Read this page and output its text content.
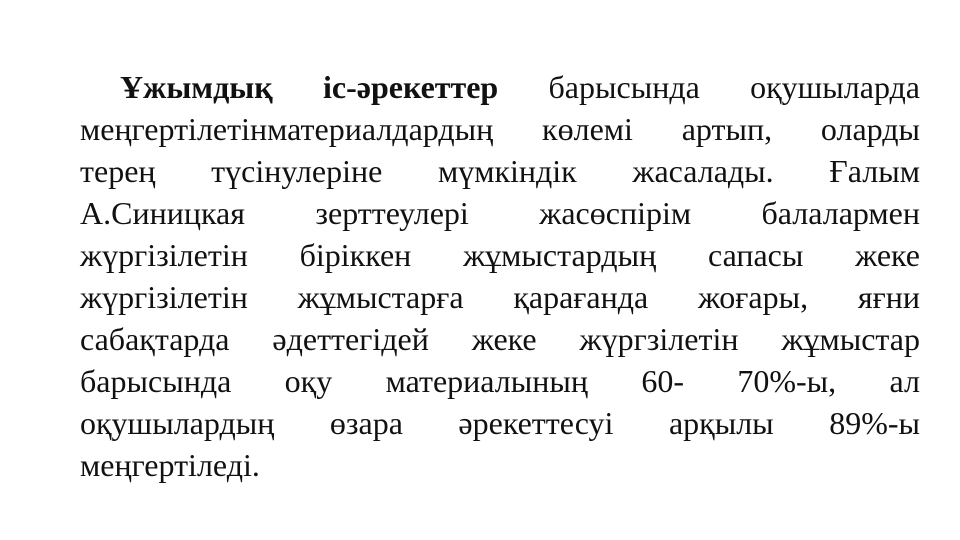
Ұжымдық іс-әрекеттер барысында оқушыларда
меңгертілетінматериалдардың көлемі артып, оларды
терең түсінулеріне мүмкіндік жасалады. Ғалым
А.Синицкая зерттеулері жасөспірім балалармен
жүргізілетін біріккен жұмыстардың сапасы жеке
жүргізілетін жұмыстарға қарағанда жоғары, яғни
сабақтарда әдеттегідей жеке жүргзілетін жұмыстар
барысында оқу материалының 60- 70%-ы, ал
оқушылардың өзара әрекеттесуі арқылы 89%-ы
меңгертіледі.
